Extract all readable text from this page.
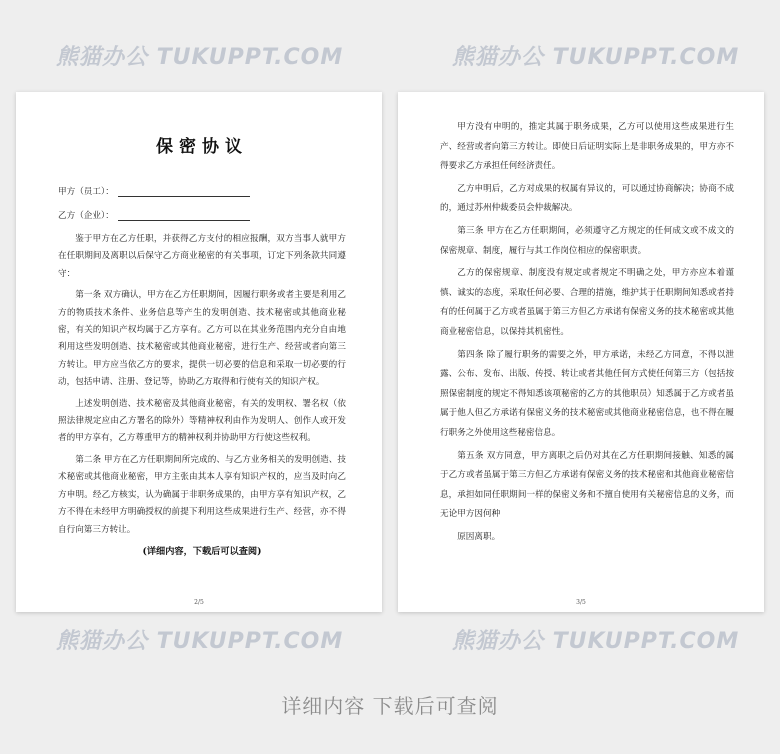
熊猫办公 TUKUPPT.COM	熊猫办公 TUKUPPT.COM
保密协议
甲方（员工）：
乙方（企业）：

鉴于甲方在乙方任职，并获得乙方支付的相应报酬，双方当事人就甲方在任职期间及离职以后保守乙方商业秘密的有关事项，订定下列条款共同遵守：

第一条 双方确认，甲方在乙方任职期间，因履行职务或者主要是利用乙方的物质技术条件、业务信息等产生的发明创造、技术秘密或其他商业秘密，有关的知识产权均属于乙方享有。乙方可以在其业务范围内充分自由地利用这些发明创造、技术秘密或其他商业秘密，进行生产、经营或者向第三方转让。甲方应当依乙方的要求，提供一切必要的信息和采取一切必要的行动，包括申请、注册、登记等，协助乙方取得和行使有关的知识产权。

上述发明创造、技术秘密及其他商业秘密，有关的发明权、署名权（依照法律规定应由乙方署名的除外）等精神权利由作为发明人、创作人或开发者的甲方享有，乙方尊重甲方的精神权利并协助甲方行使这些权利。

第二条 甲方在乙方任职期间所完成的、与乙方业务相关的发明创造、技术秘密或其他商业秘密，甲方主张由其本人享有知识产权的，应当及时向乙方申明。经乙方核实，认为确属于非职务成果的，由甲方享有知识产权，乙方不得在未经甲方明确授权的前提下利用这些成果进行生产、经营，亦不得自行向第三方转让。

(详细内容，下载后可以查阅)
2/5

甲方没有申明的，推定其属于职务成果，乙方可以使用这些成果进行生产、经营或者向第三方转让。即使日后证明实际上是非职务成果的，甲方亦不得要求乙方承担任何经济责任。

乙方申明后，乙方对成果的权属有异议的，可以通过协商解决；协商不成的，通过苏州仲裁委员会仲裁解决。

第三条 甲方在乙方任职期间，必须遵守乙方规定的任何成文或不成文的保密规章、制度，履行与其工作岗位相应的保密职责。

乙方的保密规章、制度没有规定或者规定不明确之处，甲方亦应本着谨慎、诚实的态度，采取任何必要、合理的措施，维护其于任职期间知悉或者持有的任何属于乙方或者虽属于第三方但乙方承诺有保密义务的技术秘密或其他商业秘密信息，以保持其机密性。

第四条 除了履行职务的需要之外，甲方承诺，未经乙方同意，不得以泄露、公布、发布、出版、传授、转让或者其他任何方式使任何第三方（包括按照保密制度的规定不得知悉该项秘密的乙方的其他职员）知悉属于乙方或者虽属于他人但乙方承诺有保密义务的技术秘密或其他商业秘密信息，也不得在履行职务之外使用这些秘密信息。

第五条 双方同意，甲方离职之后仍对其在乙方任职期间接触、知悉的属于乙方或者虽属于第三方但乙方承诺有保密义务的技术秘密和其他商业秘密信息，承担如同任职期间一样的保密义务和不擅自使用有关秘密信息的义务，而无论甲方因何种

原因离职。

3/5
熊猫办公 TUKUPPT.COM	熊猫办公 TUKUPPT.COM
详细内容 下载后可查阅
